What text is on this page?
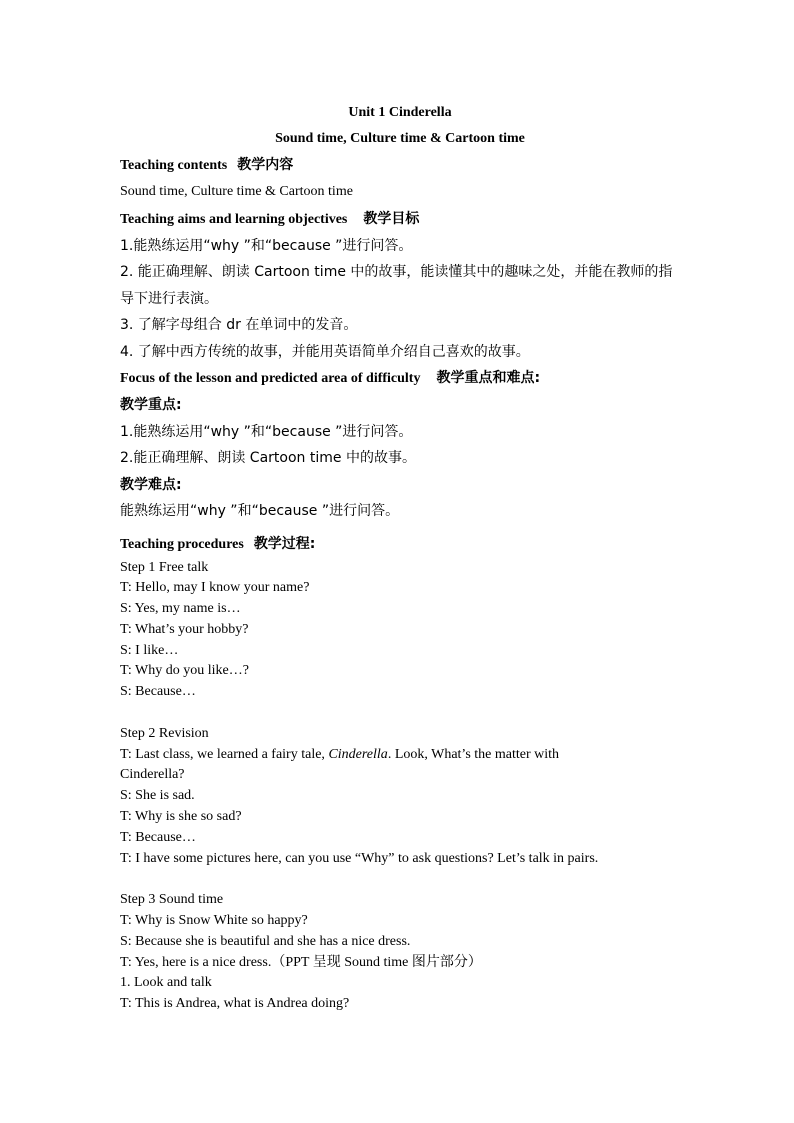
Unit 1 Cinderella

Sound time, Culture time & Cartoon time

Teaching contents 教学内容

Sound time, Culture time & Cartoon time

Teaching aims and learning objectives 教学目标

1.能熟练运用“why ”和“because ”进行问答。

2. 能正确理解、朗读 Cartoon time 中的故事，能读懂其中的趣味之处，并能在教师的指导下进行表演。

3. 了解字母组合 dr 在单词中的发音。

4. 了解中西方传统的故事，并能用英语简单介绍自己喜欢的故事。

Focus of the lesson and predicted area of difficulty 教学重点和难点:

教学重点:

1.能熟练运用“why ”和“because ”进行问答。

2.能正确理解、朗读 Cartoon time 中的故事。

教学难点:

能熟练运用“why ”和“because ”进行问答。

Teaching procedures 教学过程:

Step 1 Free talk

T: Hello, may I know your name?

S: Yes, my name is…

T: What’s your hobby?

S: I like…

T: Why do you like…?

S: Because…

Step 2 Revision

T: Last class, we learned a fairy tale, Cinderella. Look, What’s the matter with

Cinderella?

S: She is sad.

T: Why is she so sad?

T: Because…

T: I have some pictures here, can you use “Why” to ask questions? Let’s talk in pairs.

Step 3 Sound time

T: Why is Snow White so happy?

S: Because she is beautiful and she has a nice dress.

T: Yes, here is a nice dress.（PPT 呈现 Sound time 图片部分）

1. Look and talk

T: This is Andrea, what is Andrea doing?
